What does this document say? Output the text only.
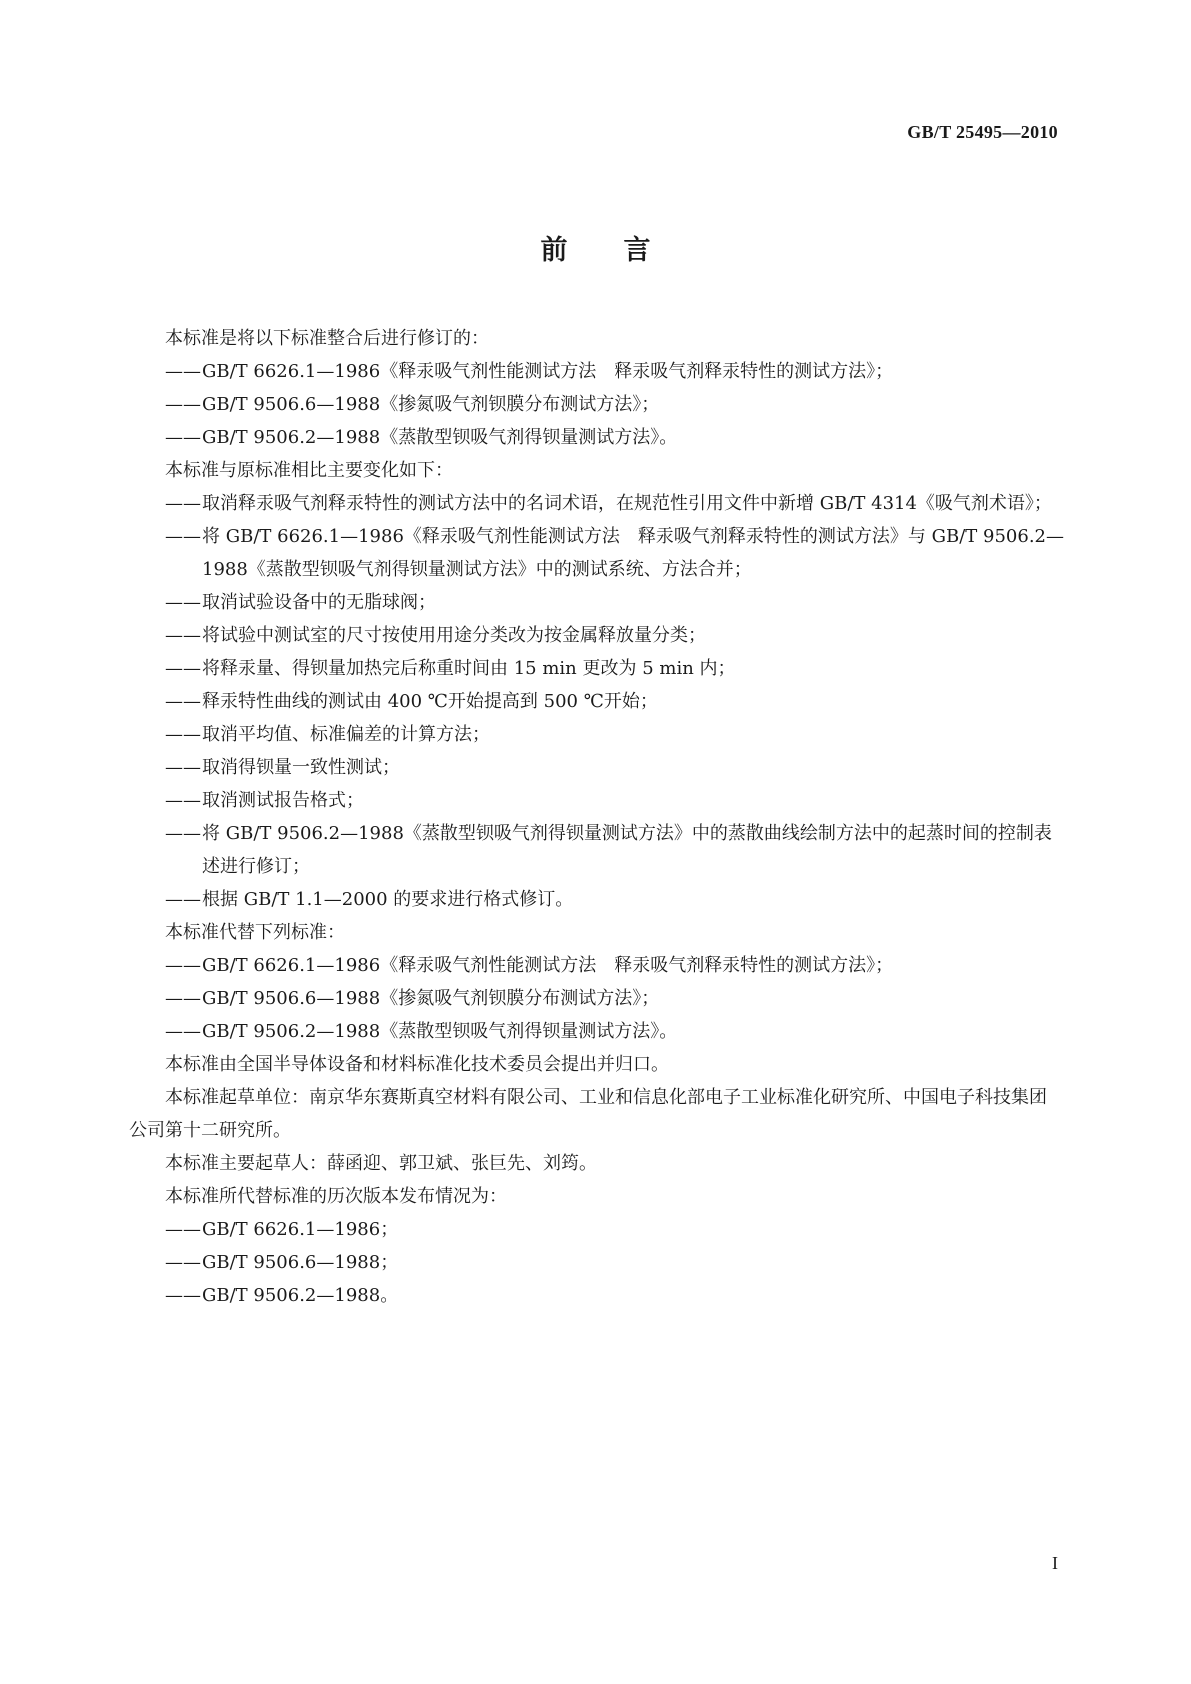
GB/T 25495—2010
前言

本标准是将以下标准整合后进行修订的：

——GB/T 6626.1—1986《释汞吸气剂性能测试方法　释汞吸气剂释汞特性的测试方法》；

——GB/T 9506.6—1988《掺氮吸气剂钡膜分布测试方法》；

——GB/T 9506.2—1988《蒸散型钡吸气剂得钡量测试方法》。

本标准与原标准相比主要变化如下：

——取消释汞吸气剂释汞特性的测试方法中的名词术语，在规范性引用文件中新增 GB/T 4314《吸气剂术语》；

——将 GB/T 6626.1—1986《释汞吸气剂性能测试方法　释汞吸气剂释汞特性的测试方法》与 GB/T 9506.2—1988《蒸散型钡吸气剂得钡量测试方法》中的测试系统、方法合并；

——取消试验设备中的无脂球阀；

——将试验中测试室的尺寸按使用用途分类改为按金属释放量分类；

——将释汞量、得钡量加热完后称重时间由 15 min 更改为 5 min 内；

——释汞特性曲线的测试由 400 ℃开始提高到 500 ℃开始；

——取消平均值、标准偏差的计算方法；

——取消得钡量一致性测试；

——取消测试报告格式；

——将 GB/T 9506.2—1988《蒸散型钡吸气剂得钡量测试方法》中的蒸散曲线绘制方法中的起蒸时间的控制表述进行修订；

——根据 GB/T 1.1—2000 的要求进行格式修订。

本标准代替下列标准：

——GB/T 6626.1—1986《释汞吸气剂性能测试方法　释汞吸气剂释汞特性的测试方法》；

——GB/T 9506.6—1988《掺氮吸气剂钡膜分布测试方法》；

——GB/T 9506.2—1988《蒸散型钡吸气剂得钡量测试方法》。

本标准由全国半导体设备和材料标准化技术委员会提出并归口。

本标准起草单位：南京华东赛斯真空材料有限公司、工业和信息化部电子工业标准化研究所、中国电子科技集团公司第十二研究所。

本标准主要起草人：薛函迎、郭卫斌、张巨先、刘筠。

本标准所代替标准的历次版本发布情况为：

——GB/T 6626.1—1986；

——GB/T 9506.6—1988；

——GB/T 9506.2—1988。

I
